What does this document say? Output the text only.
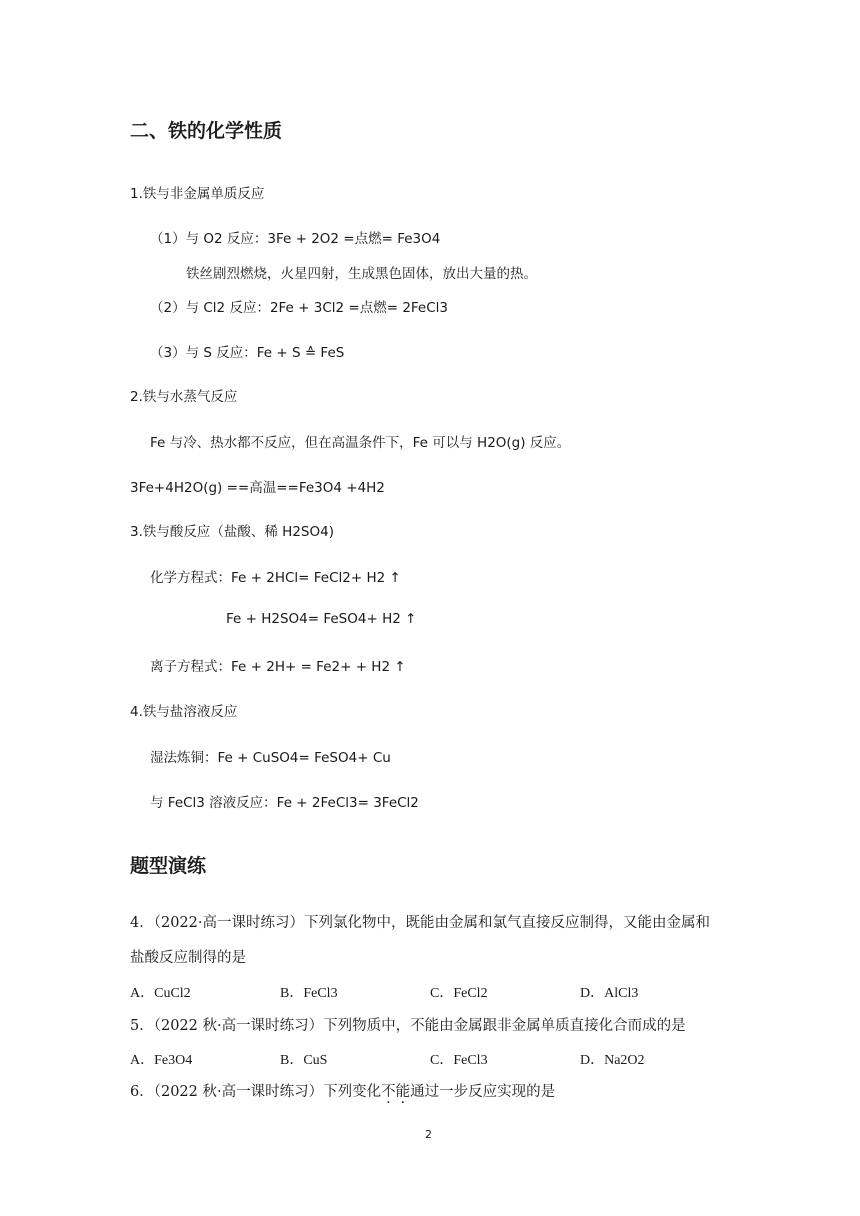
二、铁的化学性质
1.铁与非金属单质反应
（1）与 O2 反应：3Fe + 2O2 =点燃= Fe3O4
铁丝剧烈燃烧，火星四射，生成黑色固体，放出大量的热。
（2）与 Cl2 反应：2Fe + 3Cl2 =点燃= 2FeCl3
（3）与 S 反应：Fe + S ≙ FeS
2.铁与水蒸气反应
Fe 与冷、热水都不反应，但在高温条件下，Fe 可以与 H2O(g) 反应。
3Fe+4H2O(g) ==高温==Fe3O4 +4H2
3.铁与酸反应（盐酸、稀 H2SO4)
化学方程式：Fe + 2HCl= FeCl2+ H2 ↑
Fe + H2SO4= FeSO4+ H2 ↑
离子方程式：Fe + 2H+ = Fe2+ + H2 ↑
4.铁与盐溶液反应
湿法炼铜：Fe + CuSO4= FeSO4+ Cu
与 FeCl3 溶液反应：Fe + 2FeCl3= 3FeCl2
题型演练
4．（2022·高一课时练习）下列氯化物中，既能由金属和氯气直接反应制得，又能由金属和
盐酸反应制得的是
A．CuCl2	B．FeCl3	C．FeCl2	D．AlCl3
5．（2022 秋·高一课时练习）下列物质中，不能由金属跟非金属单质直接化合而成的是
A．Fe3O4	B．CuS	C．FeCl3	D．Na2O2
6．（2022 秋·高一课时练习）下列变化不能通过一步反应实现的是
2
